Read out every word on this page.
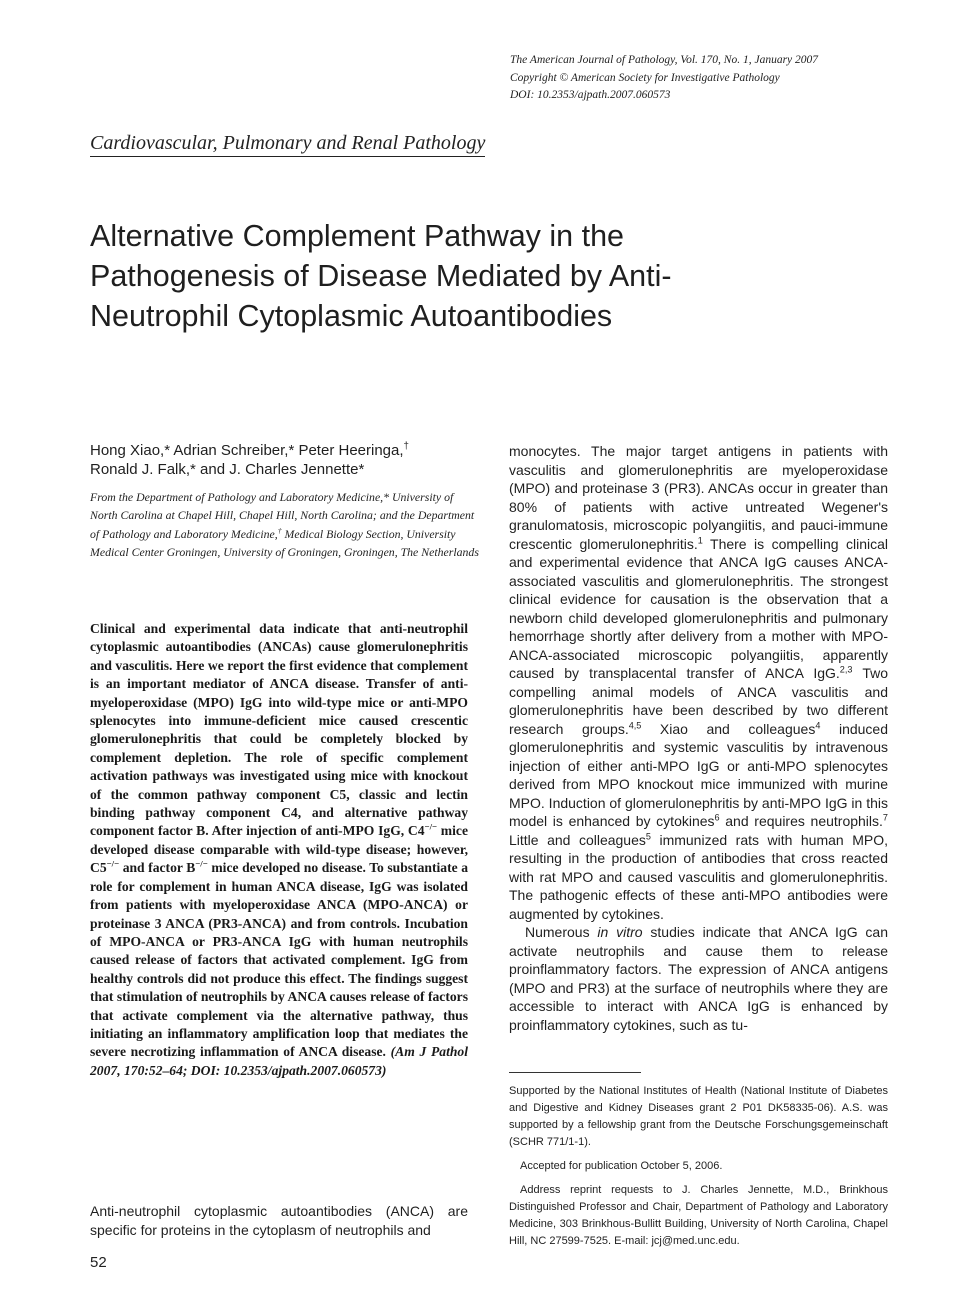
The American Journal of Pathology, Vol. 170, No. 1, January 2007
Copyright © American Society for Investigative Pathology
DOI: 10.2353/ajpath.2007.060573
Cardiovascular, Pulmonary and Renal Pathology
Alternative Complement Pathway in the Pathogenesis of Disease Mediated by Anti-Neutrophil Cytoplasmic Autoantibodies
Hong Xiao,* Adrian Schreiber,* Peter Heeringa,†
Ronald J. Falk,* and J. Charles Jennette*
From the Department of Pathology and Laboratory Medicine,* University of North Carolina at Chapel Hill, Chapel Hill, North Carolina; and the Department of Pathology and Laboratory Medicine,† Medical Biology Section, University Medical Center Groningen, University of Groningen, Groningen, The Netherlands
Clinical and experimental data indicate that anti-neutrophil cytoplasmic autoantibodies (ANCAs) cause glomerulonephritis and vasculitis. Here we report the first evidence that complement is an important mediator of ANCA disease. Transfer of anti-myeloperoxidase (MPO) IgG into wild-type mice or anti-MPO splenocytes into immune-deficient mice caused crescentic glomerulonephritis that could be completely blocked by complement depletion. The role of specific complement activation pathways was investigated using mice with knockout of the common pathway component C5, classic and lectin binding pathway component C4, and alternative pathway component factor B. After injection of anti-MPO IgG, C4−/− mice developed disease comparable with wild-type disease; however, C5−/− and factor B−/− mice developed no disease. To substantiate a role for complement in human ANCA disease, IgG was isolated from patients with myeloperoxidase ANCA (MPO-ANCA) or proteinase 3 ANCA (PR3-ANCA) and from controls. Incubation of MPO-ANCA or PR3-ANCA IgG with human neutrophils caused release of factors that activated complement. IgG from healthy controls did not produce this effect. The findings suggest that stimulation of neutrophils by ANCA causes release of factors that activate complement via the alternative pathway, thus initiating an inflammatory amplification loop that mediates the severe necrotizing inflammation of ANCA disease. (Am J Pathol 2007, 170:52–64; DOI: 10.2353/ajpath.2007.060573)
Anti-neutrophil cytoplasmic autoantibodies (ANCA) are specific for proteins in the cytoplasm of neutrophils and

monocytes. The major target antigens in patients with vasculitis and glomerulonephritis are myeloperoxidase (MPO) and proteinase 3 (PR3). ANCAs occur in greater than 80% of patients with active untreated Wegener's granulomatosis, microscopic polyangiitis, and pauci-immune crescentic glomerulonephritis.$^1$ There is compelling clinical and experimental evidence that ANCA IgG causes ANCA-associated vasculitis and glomerulonephritis. The strongest clinical evidence for causation is the observation that a newborn child developed glomerulonephritis and pulmonary hemorrhage shortly after delivery from a mother with MPO-ANCA-associated microscopic polyangiitis, apparently caused by transplacental transfer of ANCA IgG.$^{2,3}$ Two compelling animal models of ANCA vasculitis and glomerulonephritis have been described by two different research groups.$^{4,5}$ Xiao and colleagues$^4$ induced glomerulonephritis and systemic vasculitis by intravenous injection of either anti-MPO IgG or anti-MPO splenocytes derived from MPO knockout mice immunized with murine MPO. Induction of glomerulonephritis by anti-MPO IgG in this model is enhanced by cytokines$^6$ and requires neutrophils.$^7$ Little and colleagues$^5$ immunized rats with human MPO, resulting in the production of antibodies that cross reacted with rat MPO and caused vasculitis and glomerulonephritis. The pathogenic effects of these anti-MPO antibodies were augmented by cytokines.

Numerous in vitro studies indicate that ANCA IgG can activate neutrophils and cause them to release proinflammatory factors. The expression of ANCA antigens (MPO and PR3) at the surface of neutrophils where they are accessible to interact with ANCA IgG is enhanced by proinflammatory cytokines, such as tu-

Supported by the National Institutes of Health (National Institute of Diabetes and Digestive and Kidney Diseases grant 2 P01 DK58335-06). A.S. was supported by a fellowship grant from the Deutsche Forschungsgemeinschaft (SCHR 771/1-1).

Accepted for publication October 5, 2006.

Address reprint requests to J. Charles Jennette, M.D., Brinkhous Distinguished Professor and Chair, Department of Pathology and Laboratory Medicine, 303 Brinkhous-Bullitt Building, University of North Carolina, Chapel Hill, NC 27599-7525. E-mail: jcj@med.unc.edu.

52
